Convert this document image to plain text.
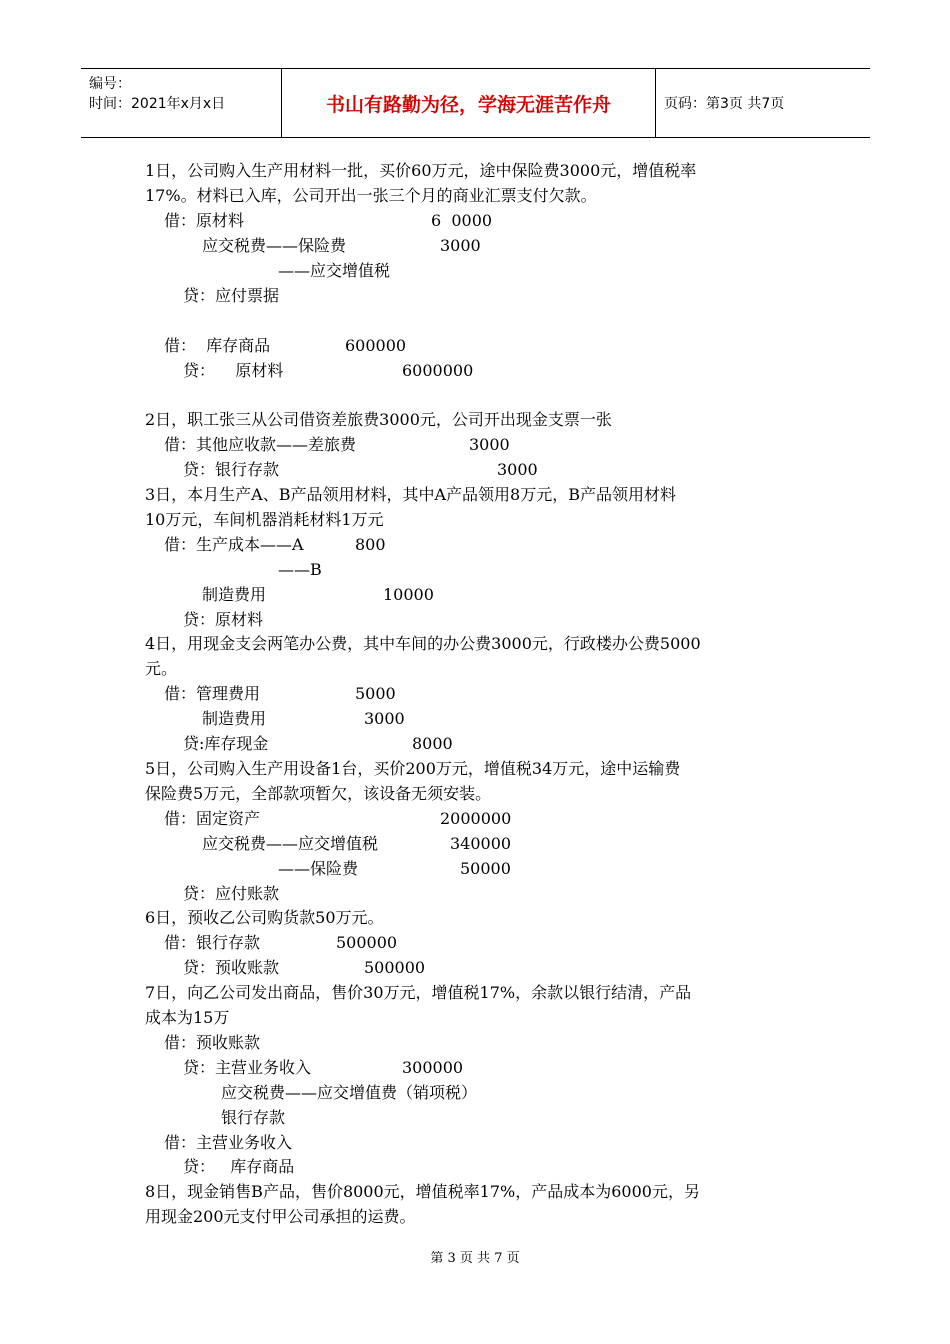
编号：
时间：2021年x月x日	书山有路勤为径，学海无涯苦作舟	页码：第3页 共7页
1日，公司购入生产用材料一批，买价60万元，途中保险费3000元，增值税率
17%。材料已入库，公司开出一张三个月的商业汇票支付欠款。
借：原材料	6  0000
应交税费——保险费	3000
——应交增值税
贷：应付票据
借：  库存商品	600000
贷：    原材料	6000000
2日，职工张三从公司借资差旅费3000元，公司开出现金支票一张
借：其他应收款——差旅费	3000
贷：银行存款	3000
3日，本月生产A、B产品领用材料，其中A产品领用8万元，B产品领用材料
10万元，车间机器消耗材料1万元
借：生产成本——A	800
——B
制造费用	10000
贷：原材料
4日，用现金支会两笔办公费，其中车间的办公费3000元，行政楼办公费5000
元。
借：管理费用	5000
制造费用	3000
贷:库存现金	8000
5日，公司购入生产用设备1台，买价200万元，增值税34万元，途中运输费
保险费5万元，全部款项暂欠，该设备无须安装。
借：固定资产	2000000
应交税费——应交增值税	340000
——保险费	50000
贷：应付账款
6日，预收乙公司购货款50万元。
借：银行存款	500000
贷：预收账款	500000
7日，向乙公司发出商品，售价30万元，增值税17%，余款以银行结清，产品
成本为15万
借：预收账款
贷：主营业务收入	300000
应交税费——应交增值费（销项税）
银行存款
借：主营业务收入
贷：   库存商品
8日，现金销售B产品，售价8000元，增值税率17%，产品成本为6000元，另
用现金200元支付甲公司承担的运费。
第 3 页 共 7 页
